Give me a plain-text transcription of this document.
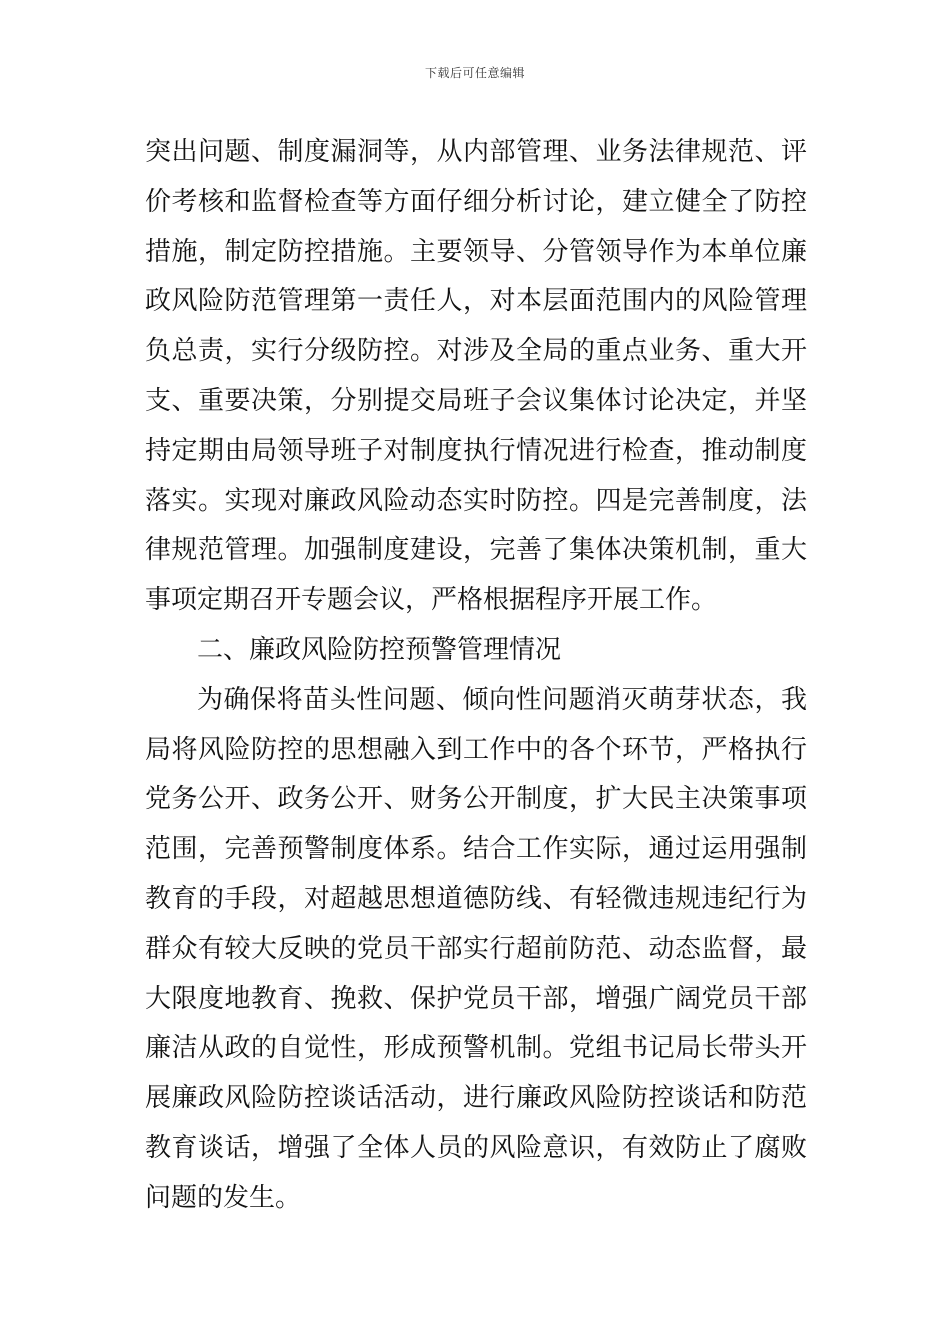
下载后可任意编辑
突出问题、制度漏洞等，从内部管理、业务法律规范、评
价考核和监督检查等方面仔细分析讨论，建立健全了防控
措施，制定防控措施。主要领导、分管领导作为本单位廉
政风险防范管理第一责任人，对本层面范围内的风险管理
负总责，实行分级防控。对涉及全局的重点业务、重大开
支、重要决策，分别提交局班子会议集体讨论决定，并坚
持定期由局领导班子对制度执行情况进行检查，推动制度
落实。实现对廉政风险动态实时防控。四是完善制度，法
律规范管理。加强制度建设，完善了集体决策机制，重大
事项定期召开专题会议，严格根据程序开展工作。
二、廉政风险防控预警管理情况
为确保将苗头性问题、倾向性问题消灭萌芽状态，我
局将风险防控的思想融入到工作中的各个环节，严格执行
党务公开、政务公开、财务公开制度，扩大民主决策事项
范围，完善预警制度体系。结合工作实际，通过运用强制
教育的手段，对超越思想道德防线、有轻微违规违纪行为
群众有较大反映的党员干部实行超前防范、动态监督，最
大限度地教育、挽救、保护党员干部，增强广阔党员干部
廉洁从政的自觉性，形成预警机制。党组书记局长带头开
展廉政风险防控谈话活动，进行廉政风险防控谈话和防范
教育谈话，增强了全体人员的风险意识，有效防止了腐败
问题的发生。
